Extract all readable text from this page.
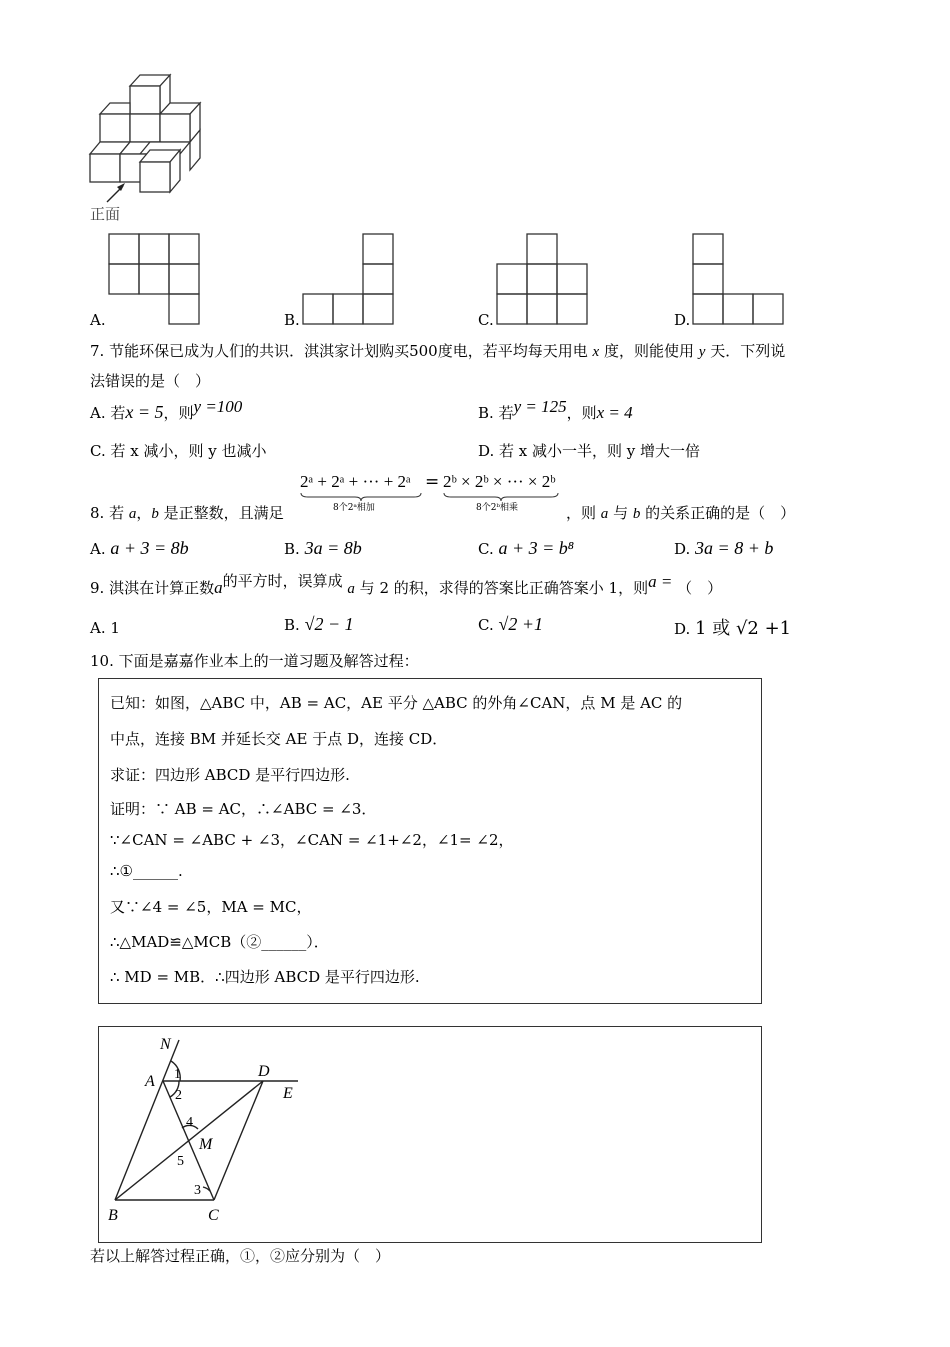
正面
A.	B.	C.	D.
7. 节能环保已成为人们的共识．淇淇家计划购买500度电，若平均每天用电 x 度，则能使用 y 天．下列说
法错误的是（　）
A. 若x = 5，则y =100	B. 若y = 125，则x = 4
C. 若 x 减小，则 y 也减小	D. 若 x 减小一半，则 y 增大一倍
8. 若 a，b 是正整数，且满足
2ᵃ + 2ᵃ + ··· + 2ᵃ
8个2ᵃ相加
= 2ᵇ × 2ᵇ × ··· × 2ᵇ
8个2ᵇ相乘	，则 a 与 b 的关系正确的是（　）
A. a + 3 = 8b	B. 3a = 8b	C. a + 3 = b⁸	D. 3a = 8 + b
9. 淇淇在计算正数a的平方时，误算成 a 与 2 的积，求得的答案比正确答案小 1，则a = （　）
A. 1	B. √2 − 1	C. √2 +1	D. 1 或 √2 +1
10. 下面是嘉嘉作业本上的一道习题及解答过程：
已知：如图，△ABC 中，AB = AC，AE 平分 △ABC 的外角∠CAN，点 M 是 AC 的
中点，连接 BM 并延长交 AE 于点 D，连接 CD．
求证：四边形 ABCD 是平行四边形.
证明：∵ AB = AC，∴∠ABC = ∠3．
∵∠CAN = ∠ABC + ∠3，∠CAN = ∠1+∠2，∠1= ∠2，
∴①______.
又∵∠4 = ∠5，MA = MC，
∴△MAD≌△MCB（②______）．
∴ MD = MB．∴四边形 ABCD 是平行四边形.
N
A
D
E
B	C
M
1
2
3
4
5
若以上解答过程正确，①，②应分别为（　）
